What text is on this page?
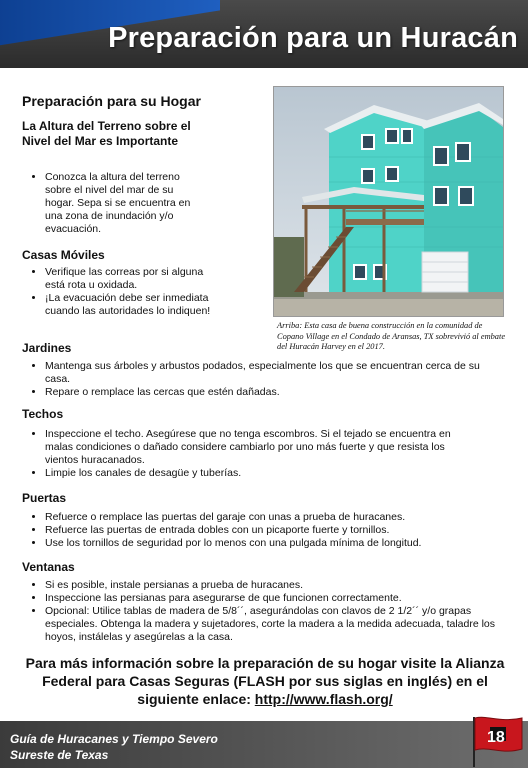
Preparación para un Huracán
Preparación para su Hogar
La Altura del Terreno sobre el Nivel del Mar es Importante
• Conozca la altura del terreno sobre el nivel del mar de su hogar. Sepa si se encuentra en una zona de inundación y/o evacuación.
Casas Móviles
• Verifique las correas por si alguna está rota u oxidada.
• ¡La evacuación debe ser inmediata cuando las autoridades lo indiquen!
Arriba: Esta casa de buena construcción en la comunidad de Copano Village en el Condado de Aransas, TX sobrevivió al embate del Huracán Harvey en el 2017.
Jardines
• Mantenga sus árboles y arbustos podados, especialmente los que se encuentran cerca de su casa.
• Repare o remplace las cercas que estén dañadas.
Techos
• Inspeccione el techo. Asegúrese que no tenga escombros. Si el tejado se encuentra en malas condiciones o dañado considere cambiarlo por uno más fuerte y que resista los vientos huracanados.
• Limpie los canales de desagüe y tuberías.
Puertas
• Refuerce o remplace las puertas del garaje con unas a prueba de huracanes.
• Refuerce las puertas de entrada dobles con un picaporte fuerte y tornillos.
• Use los tornillos de seguridad por lo menos con una pulgada mínima de longitud.
Ventanas
• Si es posible, instale persianas a prueba de huracanes.
• Inspeccione las persianas para asegurarse de que funcionen correctamente.
• Opcional: Utilice tablas de madera de 5/8´´, asegurándolas con clavos de 2 1/2´´ y/o grapas especiales. Obtenga la madera y sujetadores, corte la madera a la medida adecuada, taladre los hoyos, instálelas y asegúrelas a la casa.
Para más información sobre la preparación de su hogar visite la Alianza Federal para Casas Seguras (FLASH por sus siglas en inglés) en el siguiente enlace: http://www.flash.org/
Guía de Huracanes y Tiempo Severo
Sureste de Texas
18
